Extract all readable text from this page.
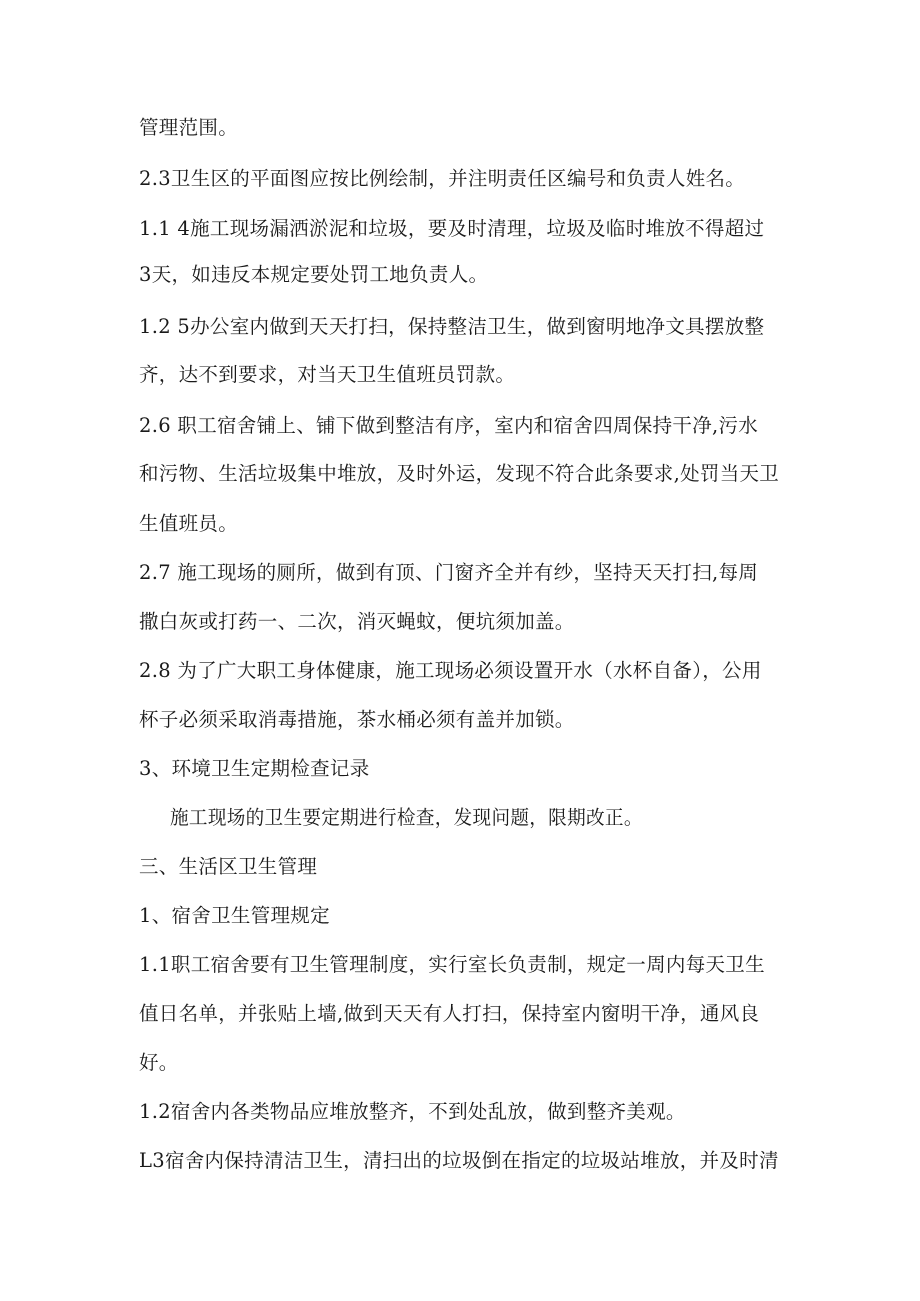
管理范围。
2.3卫生区的平面图应按比例绘制，并注明责任区编号和负责人姓名。
1.1 4施工现场漏洒淤泥和垃圾，要及时清理，垃圾及临时堆放不得超过
3天，如违反本规定要处罚工地负责人。
1.2 5办公室内做到天天打扫，保持整洁卫生，做到窗明地净文具摆放整
齐，达不到要求，对当天卫生值班员罚款。
2.6 职工宿舍铺上、铺下做到整洁有序，室内和宿舍四周保持干净,污水
和污物、生活垃圾集中堆放，及时外运，发现不符合此条要求,处罚当天卫
生值班员。
2.7 施工现场的厕所，做到有顶、门窗齐全并有纱，坚持天天打扫,每周
撒白灰或打药一、二次，消灭蝇蚊，便坑须加盖。
2.8 为了广大职工身体健康，施工现场必须设置开水（水杯自备），公用
杯子必须采取消毒措施，茶水桶必须有盖并加锁。
3、环境卫生定期检查记录
施工现场的卫生要定期进行检查，发现问题，限期改正。
三、生活区卫生管理
1、宿舍卫生管理规定
1.1职工宿舍要有卫生管理制度，实行室长负责制，规定一周内每天卫生
值日名单，并张贴上墙,做到天天有人打扫，保持室内窗明干净，通风良
好。
1.2宿舍内各类物品应堆放整齐，不到处乱放，做到整齐美观。
L3宿舍内保持清洁卫生，清扫出的垃圾倒在指定的垃圾站堆放，并及时清
